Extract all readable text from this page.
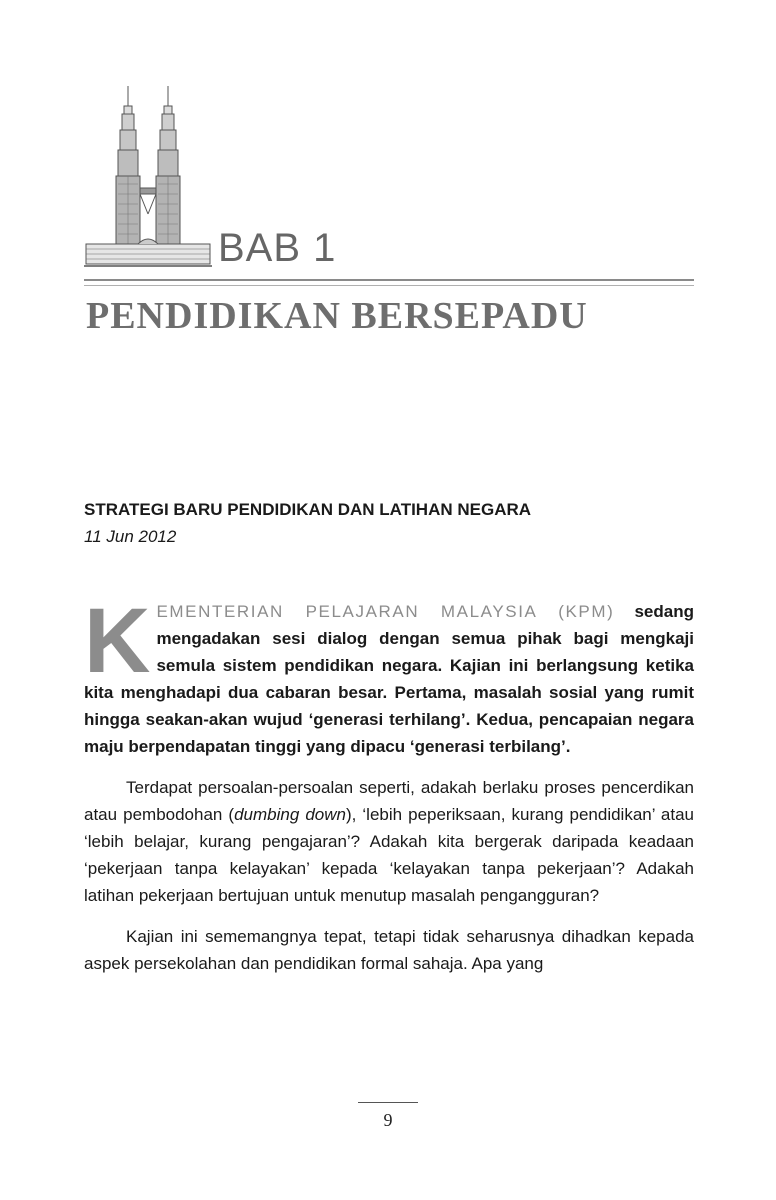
BAB 1
PENDIDIKAN BERSEPADU
STRATEGI BARU PENDIDIKAN DAN LATIHAN NEGARA
11 Jun 2012

KEMENTERIAN PELAJARAN MALAYSIA (KPM) sedang mengadakan sesi dialog dengan semua pihak bagi mengkaji semula sistem pendidikan negara. Kajian ini berlangsung ketika kita menghadapi dua cabaran besar. Pertama, masalah sosial yang rumit hingga seakan-akan wujud ‘generasi terhilang’. Kedua, pencapaian negara maju berpendapatan tinggi yang dipacu ‘generasi terbilang’.

Terdapat persoalan-persoalan seperti, adakah berlaku proses pencerdikan atau pembodohan (dumbing down), ‘lebih peperiksaan, kurang pendidikan’ atau ‘lebih belajar, kurang pengajaran’? Adakah kita bergerak daripada keadaan ‘pekerjaan tanpa kelayakan’ kepada ‘kelayakan tanpa pekerjaan’? Adakah latihan pekerjaan bertujuan untuk menutup masalah pengangguran?

Kajian ini sememangnya tepat, tetapi tidak seharusnya dihadkan kepada aspek persekolahan dan pendidikan formal sahaja. Apa yang

9
